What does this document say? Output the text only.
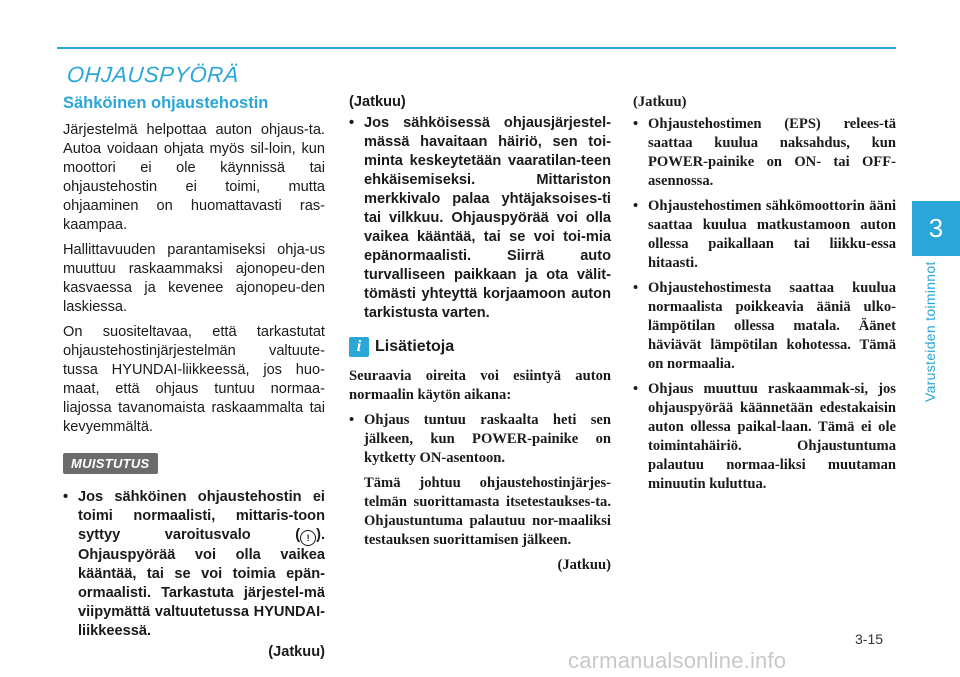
OHJAUSPYÖRÄ
3
Varusteiden toiminnot
Sähköinen ohjaustehostin

Järjestelmä helpottaa auton ohjaus-ta. Autoa voidaan ohjata myös sil-loin, kun moottori ei ole käynnissä tai ohjaustehostin ei toimi, mutta ohjaaminen on huomattavasti ras-kaampaa.

Hallittavuuden parantamiseksi ohja-us muuttuu raskaammaksi ajonopeu-den kasvaessa ja kevenee ajonopeu-den laskiessa.

On suositeltavaa, että tarkastutat ohjaustehostinjärjestelmän valtuute-tussa HYUNDAI-liikkeessä, jos huo-maat, että ohjaus tuntuu normaa-liajossa tavanomaista raskaammalta tai kevyemmältä.

MUISTUTUS
• Jos sähköinen ohjaustehostin ei toimi normaalisti, mittaris-toon syttyy varoitusvalo ( ! ). Ohjauspyörää voi olla vaikea kääntää, tai se voi toimia epän-ormaalisti. Tarkastuta järjestel-mä viipymättä valtuutetussa HYUNDAI-liikkeessä.
(Jatkuu)
(Jatkuu)
• Jos sähköisessä ohjausjärjestel-mässä havaitaan häiriö, sen toi-minta keskeytetään vaaratilan-teen ehkäisemiseksi. Mittariston merkkivalo palaa yhtäjaksoises-ti tai vilkkuu. Ohjauspyörää voi olla vaikea kääntää, tai se voi toi-mia epänormaalisti. Siirrä auto turvalliseen paikkaan ja ota välit-tömästi yhteyttä korjaamoon auton tarkistusta varten.
i Lisätietoja

Seuraavia oireita voi esiintyä auton normaalin käytön aikana:

• Ohjaus tuntuu raskaalta heti sen jälkeen, kun POWER-painike on kytketty ON-asentoon.

Tämä johtuu ohjaustehostinjärjes-telmän suorittamasta itsetestaukses-ta. Ohjaustuntuma palautuu nor-maaliksi testauksen suorittamisen jälkeen.

(Jatkuu)
(Jatkuu)
• Ohjaustehostimen (EPS) relees-tä saattaa kuulua naksahdus, kun POWER-painike on ON- tai OFF-asennossa.
• Ohjaustehostimen sähkömoottorin ääni saattaa kuulua matkustamoon auton ollessa paikallaan tai liikku-essa hitaasti.
• Ohjaustehostimesta saattaa kuulua normaalista poikkeavia ääniä ulko-lämpötilan ollessa matala. Äänet häviävät lämpötilan kohotessa. Tämä on normaalia.
• Ohjaus muuttuu raskaammak-si, jos ohjauspyörää käännetään edestakaisin auton ollessa paikal-laan. Tämä ei ole toimintahäiriö. Ohjaustuntuma palautuu normaa-liksi muutaman minuutin kuluttua.
3-15
carmanualsonline.info
